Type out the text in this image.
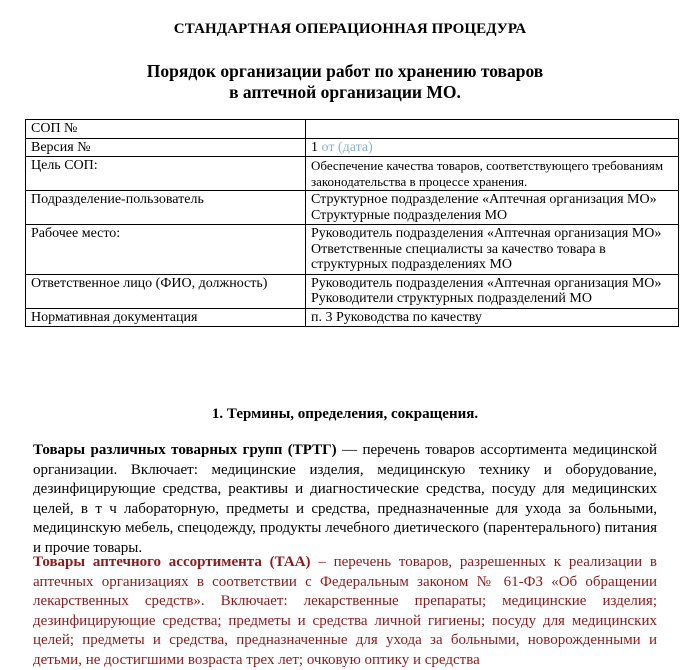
СТАНДАРТНАЯ ОПЕРАЦИОННАЯ ПРОЦЕДУРА
Порядок организации работ по хранению товаров
в аптечной организации МО.
СОП №	
Версия №	1 от (дата)
Цель СОП:	Обеспечение качества товаров, соответствующего требованиям законодательства в процессе хранения.
Подразделение-пользователь	Структурное подразделение «Аптечная организация МО»
Структурные подразделения МО

Рабочее место:	Руководитель подразделения «Аптечная организация МО»
Ответственные специалисты за качество товара в структурных подразделениях МО

Ответственное лицо (ФИО, должность)	Руководитель подразделения «Аптечная организация МО»
Руководители структурных подразделений МО

Нормативная документация	п. 3 Руководства по качеству
1. Термины, определения, сокращения.
Товары различных товарных групп (ТРТГ) — перечень товаров ассортимента медицинской организации. Включает: медицинские изделия, медицинскую технику и оборудование, дезинфицирующие средства, реактивы и диагностические средства, посуду для медицинских целей, в т ч лабораторную, предметы и средства, предназначенные для ухода за больными, медицинскую мебель, спецодежду, продукты лечебного диетического (парентерального) питания и прочие товары.
Товары аптечного ассортимента (ТАА) – перечень товаров, разрешенных к реализации в аптечных организациях в соответствии с Федеральным законом № 61-ФЗ «Об обращении лекарственных средств». Включает: лекарственные препараты; медицинские изделия; дезинфицирующие средства; предметы и средства личной гигиены; посуду для медицинских целей; предметы и средства, предназначенные для ухода за больными, новорожденными и детьми, не достигшими возраста трех лет; очковую оптику и средства
